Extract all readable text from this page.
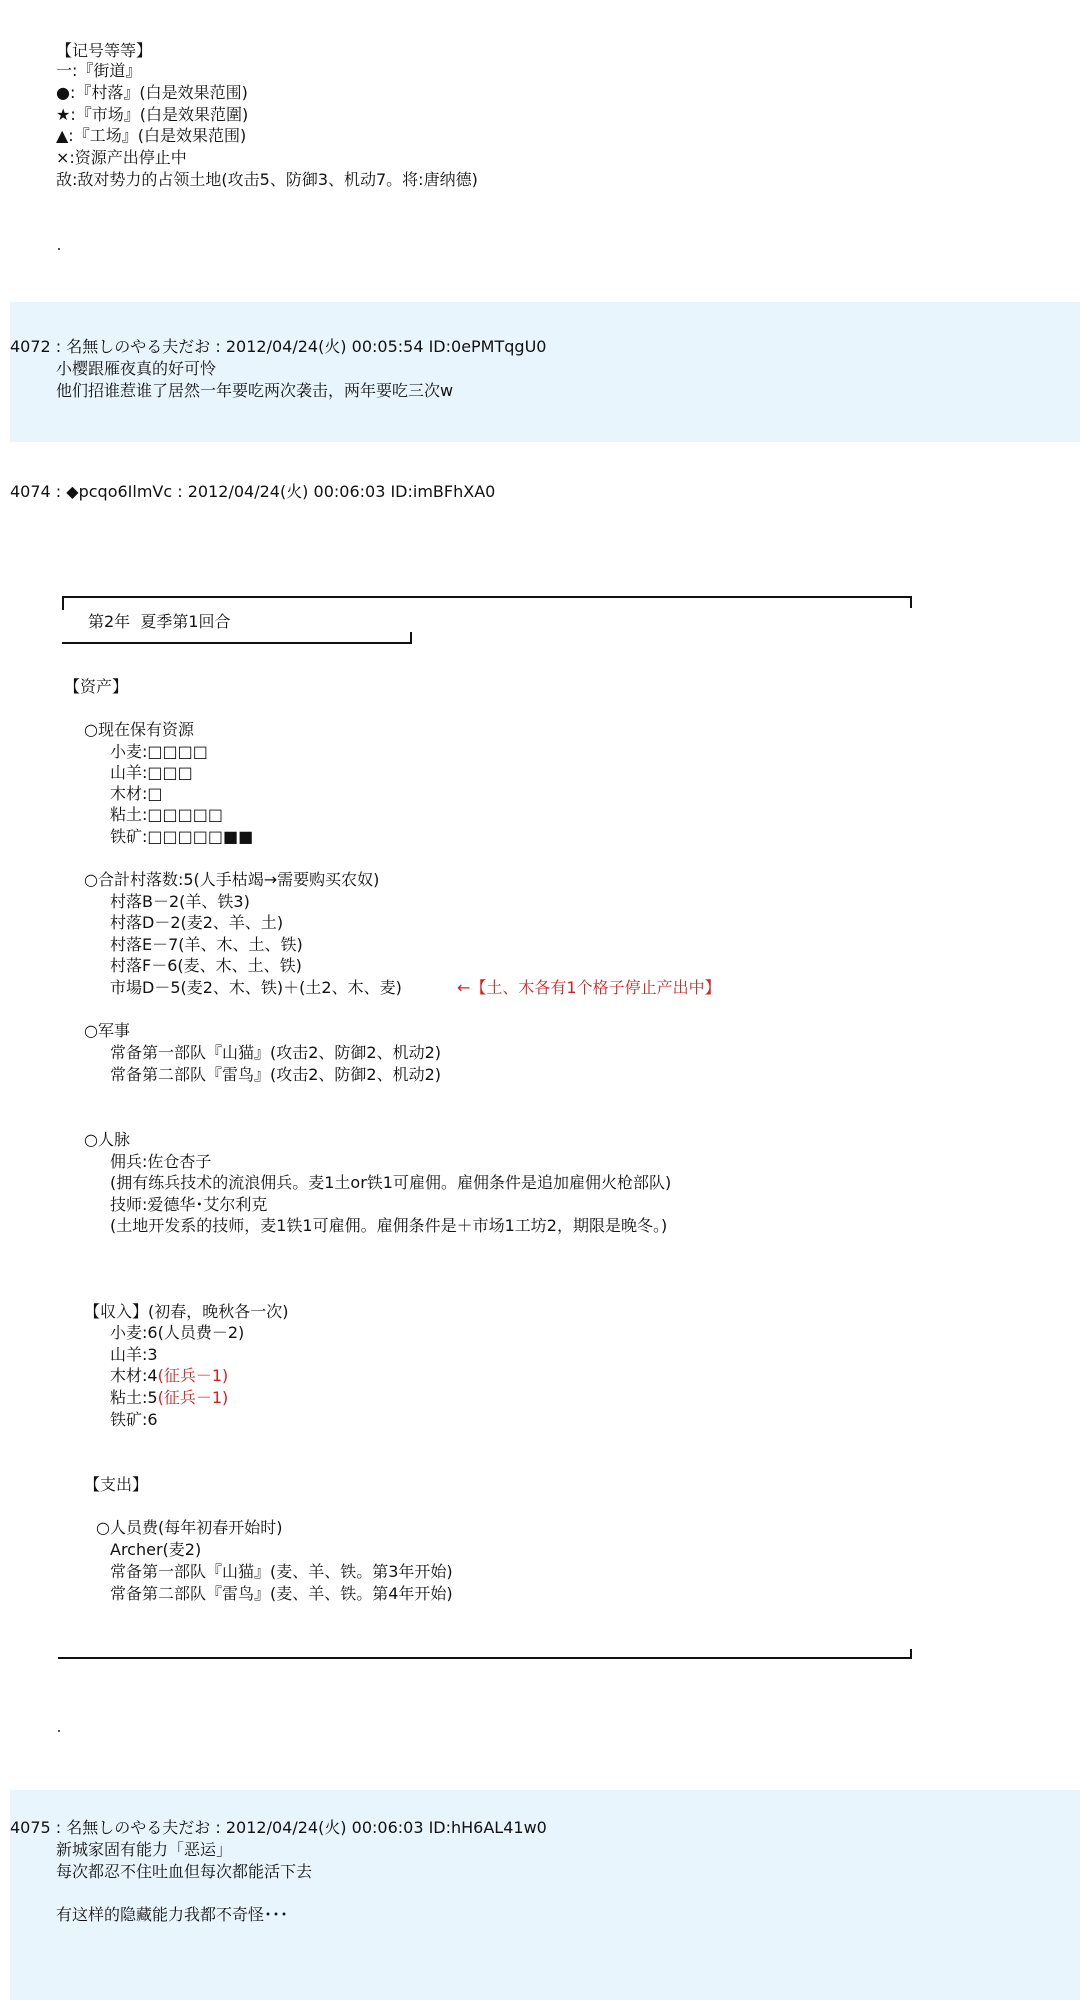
【记号等等】
一:『街道』
●:『村落』(白是效果范围)
★:『市场』(白是效果范圍)
▲:『工场』(白是效果范围)
×:资源产出停止中
敌:敌对势力的占领土地(攻击5、防御3、机动7。将:唐纳德)
4072 : 名無しのやる夫だお : 2012/04/24(火) 00:05:54 ID:0ePMTqgU0
小樱跟雁夜真的好可怜
他们招谁惹谁了居然一年要吃两次袭击，两年要吃三次w
4074 : ◆pcqo6IlmVc : 2012/04/24(火) 00:06:03 ID:imBFhXA0
第2年  夏季第1回合
【资产】
○现在保有资源
小麦:□□□□
山羊:□□□
木材:□
粘土:□□□□□
铁矿:□□□□□■■
○合計村落数:5(人手枯竭→需要购买农奴)
村落B－2(羊、铁3)
村落D－2(麦2、羊、土)
村落E－7(羊、木、土、铁)
村落F－6(麦、木、土、铁)
市場D－5(麦2、木、铁)＋(土2、木、麦)	←【土、木各有1个格子停止产出中】
○军事
常备第一部队『山猫』(攻击2、防御2、机动2)
常备第二部队『雷鸟』(攻击2、防御2、机动2)
○人脉
佣兵:佐仓杏子
(拥有练兵技术的流浪佣兵。麦1土or铁1可雇佣。雇佣条件是追加雇佣火枪部队)
技师:爱德华･艾尔利克
(土地开发系的技师，麦1铁1可雇佣。雇佣条件是＋市场1工坊2，期限是晚冬。)
【収入】(初春，晚秋各一次)
小麦:6(人员费－2)
山羊:3
木材:4(征兵－1)
粘土:5(征兵－1)
铁矿:6
【支出】
○人员费(每年初春开始时)
Archer(麦2)
常备第一部队『山猫』(麦、羊、铁。第3年开始)
常备第二部队『雷鸟』(麦、羊、铁。第4年开始)
4075 : 名無しのやる夫だお : 2012/04/24(火) 00:06:03 ID:hH6AL41w0
新城家固有能力「恶运」
每次都忍不住吐血但每次都能活下去
有这样的隐藏能力我都不奇怪･･･
